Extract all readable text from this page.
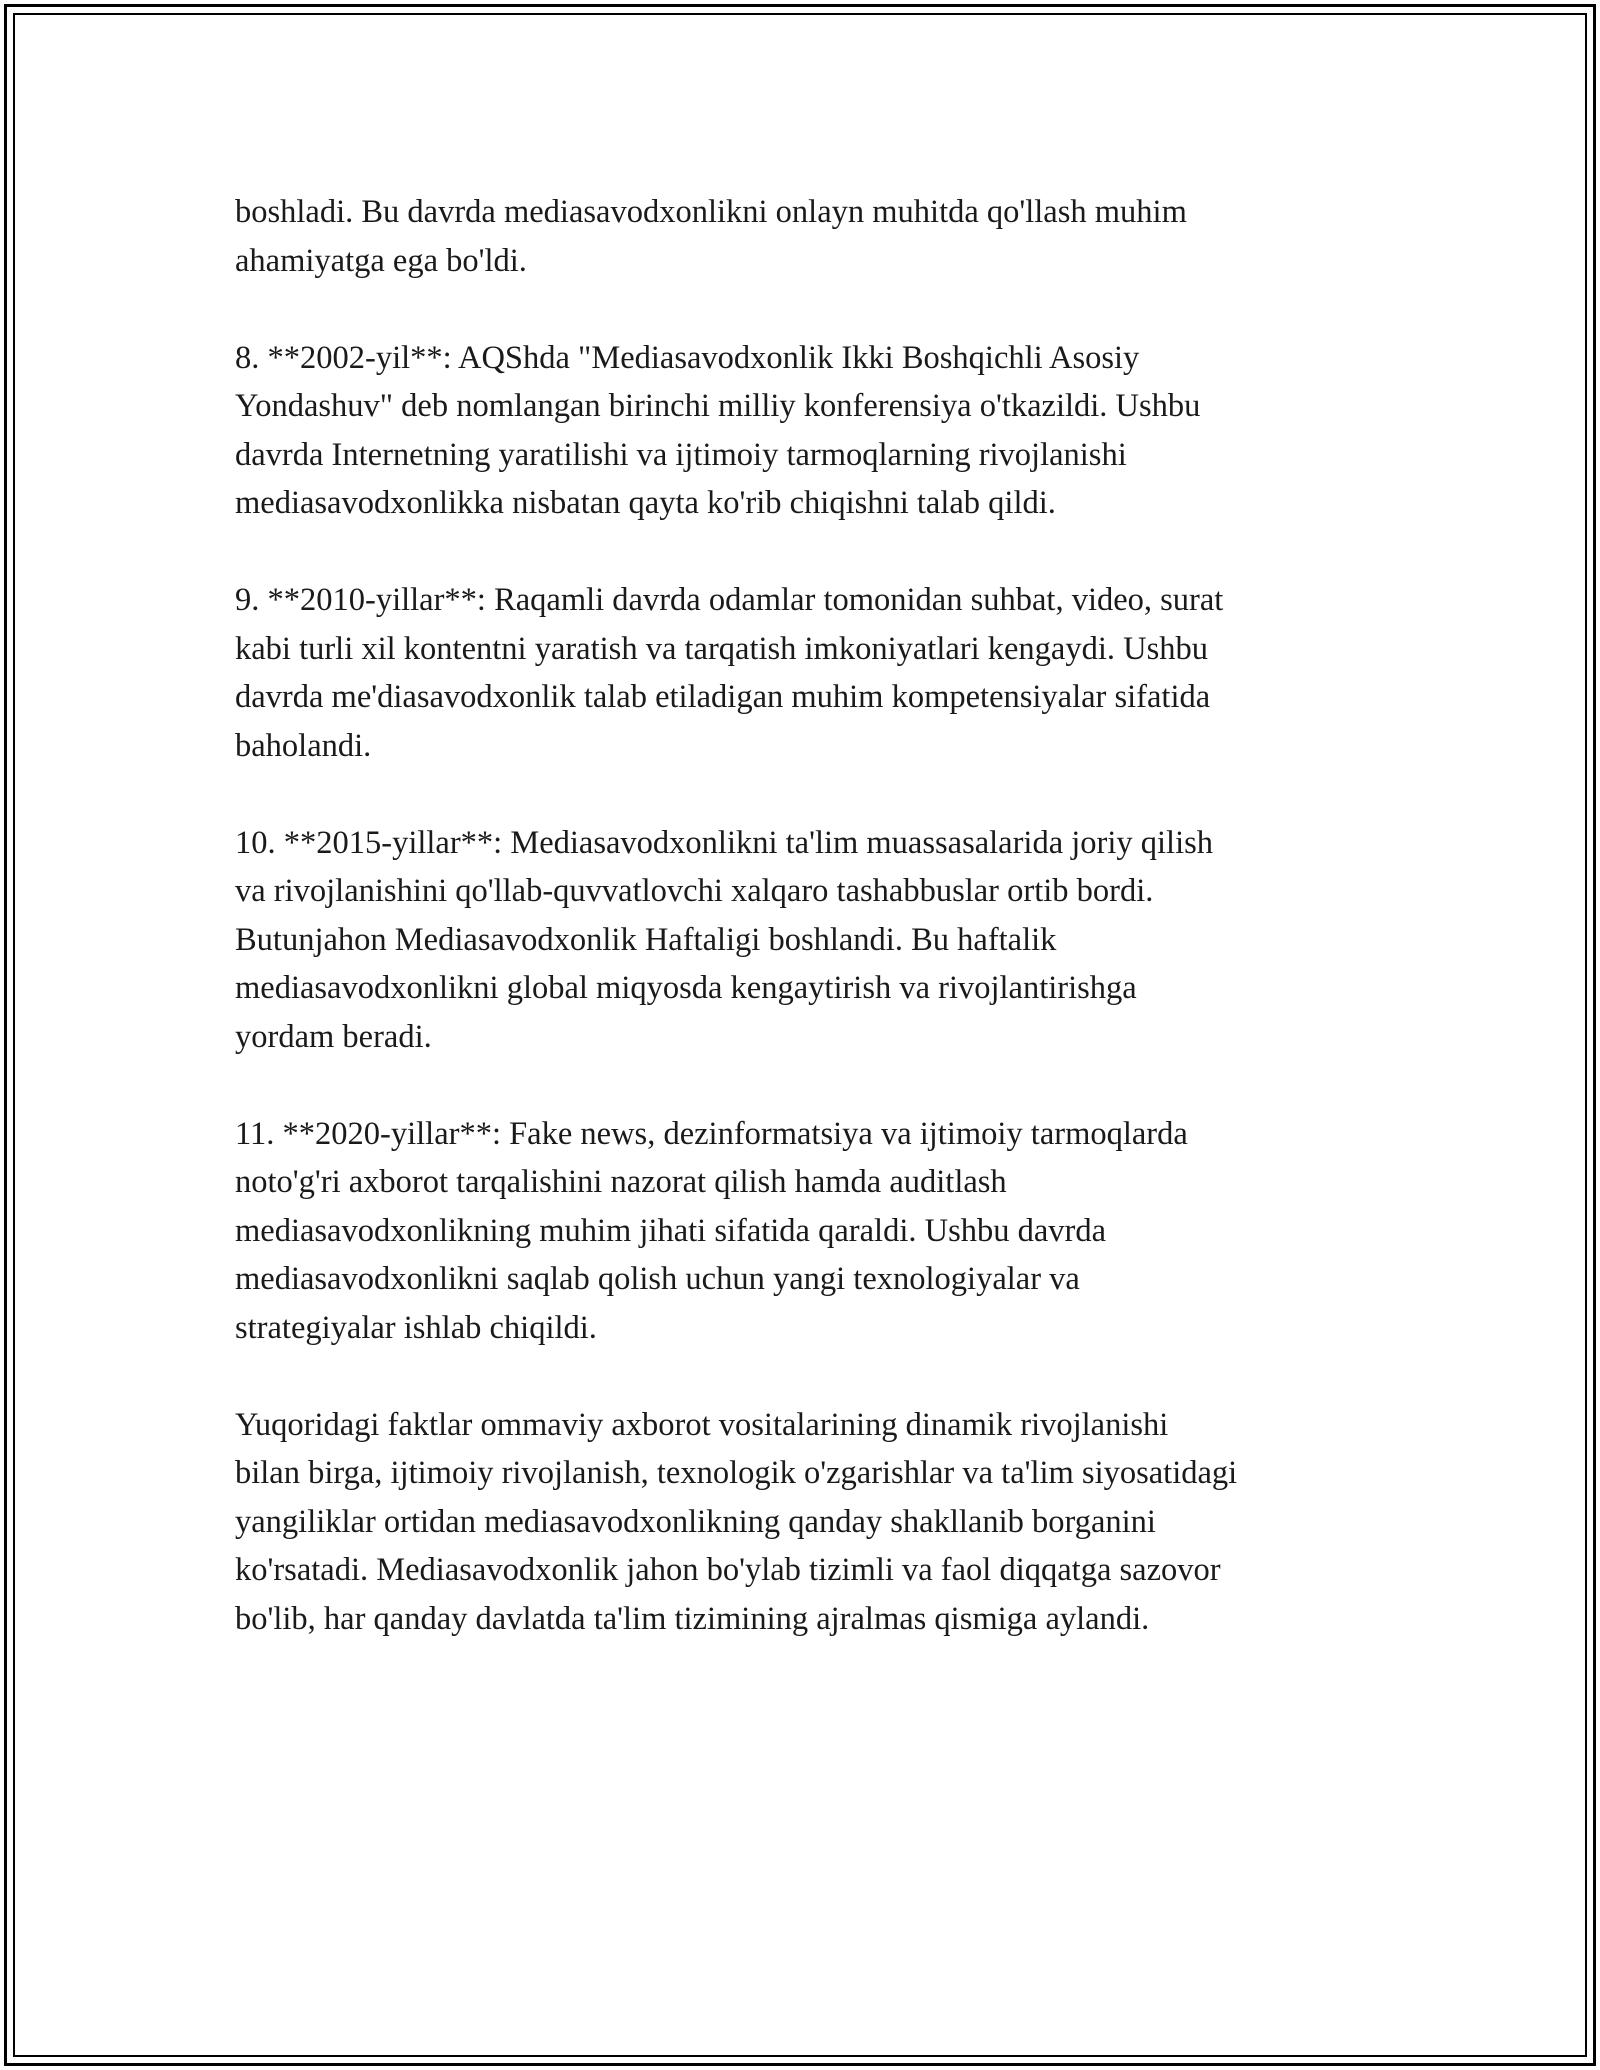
boshladi. Bu davrda mediasavodxonlikni onlayn muhitda qo'llash muhim
ahamiyatga ega bo'ldi.

8. **2002-yil**: AQShda "Mediasavodxonlik Ikki Boshqichli Asosiy
Yondashuv" deb nomlangan birinchi milliy konferensiya o'tkazildi. Ushbu
davrda Internetning yaratilishi va ijtimoiy tarmoqlarning rivojlanishi
mediasavodxonlikka nisbatan qayta ko'rib chiqishni talab qildi.

9. **2010-yillar**: Raqamli davrda odamlar tomonidan suhbat, video, surat
kabi turli xil kontentni yaratish va tarqatish imkoniyatlari kengaydi. Ushbu
davrda me'diasavodxonlik talab etiladigan muhim kompetensiyalar sifatida
baholandi.

10. **2015-yillar**: Mediasavodxonlikni ta'lim muassasalarida joriy qilish
va rivojlanishini qo'llab-quvvatlovchi xalqaro tashabbuslar ortib bordi.
Butunjahon Mediasavodxonlik Haftaligi boshlandi. Bu haftalik
mediasavodxonlikni global miqyosda kengaytirish va rivojlantirishga
yordam beradi.

11. **2020-yillar**: Fake news, dezinformatsiya va ijtimoiy tarmoqlarda
noto'g'ri axborot tarqalishini nazorat qilish hamda auditlash
mediasavodxonlikning muhim jihati sifatida qaraldi. Ushbu davrda
mediasavodxonlikni saqlab qolish uchun yangi texnologiyalar va
strategiyalar ishlab chiqildi.

Yuqoridagi faktlar ommaviy axborot vositalarining dinamik rivojlanishi
bilan birga, ijtimoiy rivojlanish, texnologik o'zgarishlar va ta'lim siyosatidagi
yangiliklar ortidan mediasavodxonlikning qanday shakllanib borganini
ko'rsatadi. Mediasavodxonlik jahon bo'ylab tizimli va faol diqqatga sazovor
bo'lib, har qanday davlatda ta'lim tizimining ajralmas qismiga aylandi.
